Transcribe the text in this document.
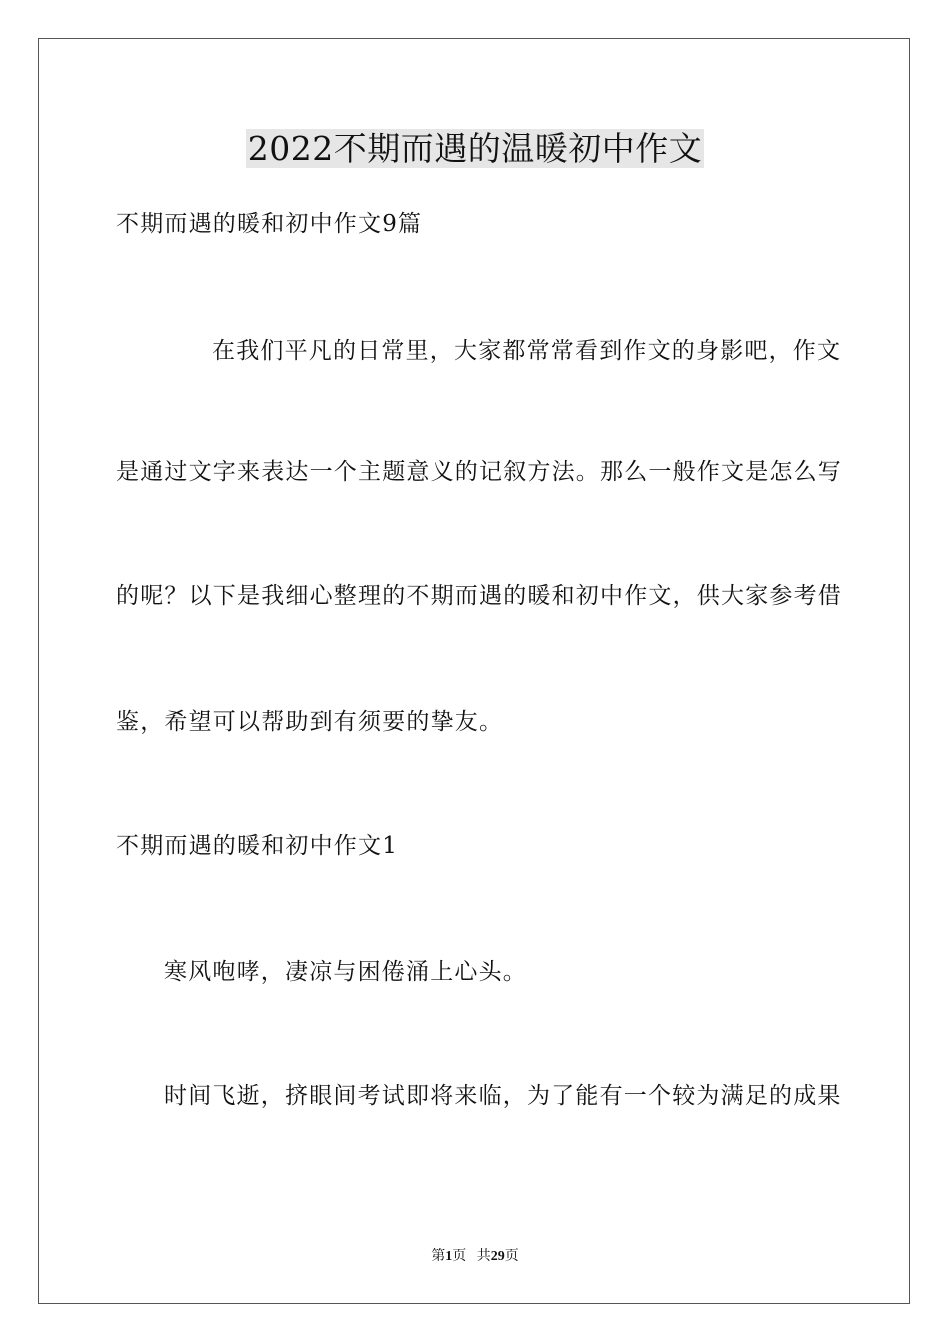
2022不期而遇的温暖初中作文
不期而遇的暖和初中作文9篇
在我们平凡的日常里，大家都常常看到作文的身影吧，作文
是通过文字来表达一个主题意义的记叙方法。那么一般作文是怎么写
的呢？以下是我细心整理的不期而遇的暖和初中作文，供大家参考借
鉴，希望可以帮助到有须要的挚友。
不期而遇的暖和初中作文1
寒风咆哮，凄凉与困倦涌上心头。
时间飞逝，挤眼间考试即将来临，为了能有一个较为满足的成果
第1页 共29页
